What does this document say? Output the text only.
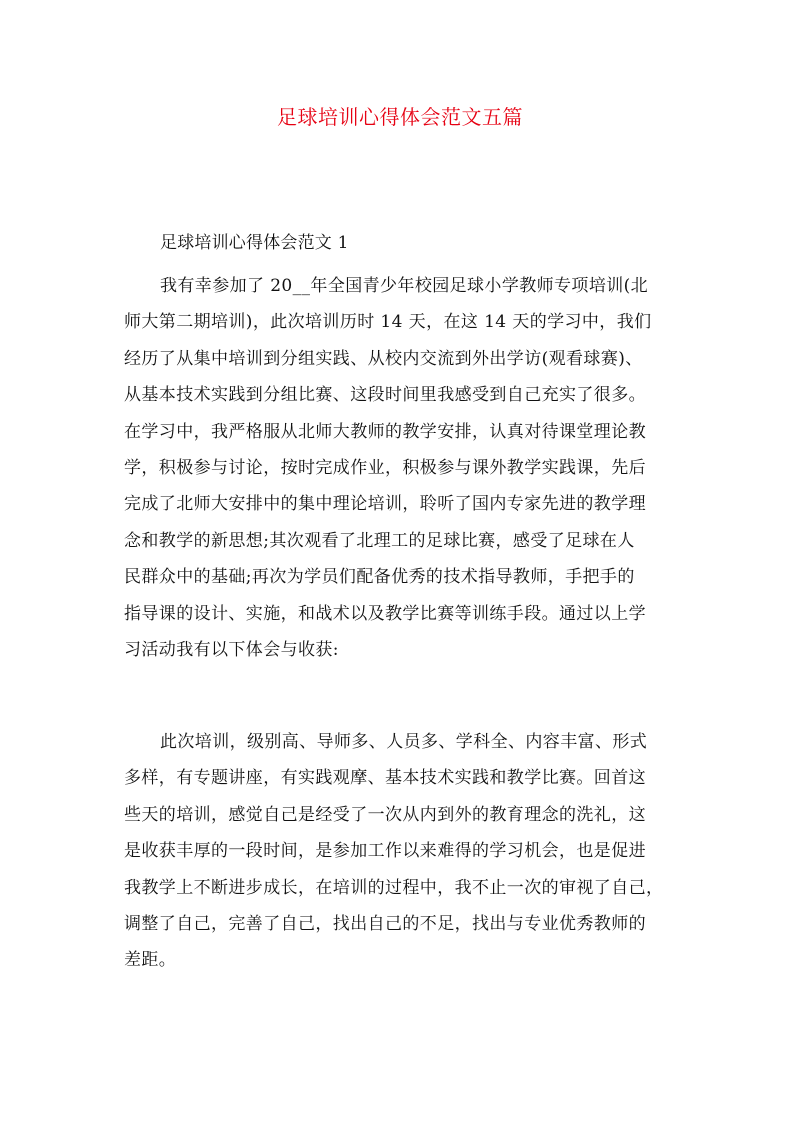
足球培训心得体会范文五篇
足球培训心得体会范文 1
我有幸参加了 20__年全国青少年校园足球小学教师专项培训(北
师大第二期培训)，此次培训历时 14 天，在这 14 天的学习中，我们
经历了从集中培训到分组实践、从校内交流到外出学访(观看球赛)、
从基本技术实践到分组比赛、这段时间里我感受到自己充实了很多。
在学习中，我严格服从北师大教师的教学安排，认真对待课堂理论教
学，积极参与讨论，按时完成作业，积极参与课外教学实践课，先后
完成了北师大安排中的集中理论培训，聆听了国内专家先进的教学理
念和教学的新思想;其次观看了北理工的足球比赛，感受了足球在人
民群众中的基础;再次为学员们配备优秀的技术指导教师，手把手的
指导课的设计、实施，和战术以及教学比赛等训练手段。通过以上学
习活动我有以下体会与收获:
此次培训，级别高、导师多、人员多、学科全、内容丰富、形式
多样，有专题讲座，有实践观摩、基本技术实践和教学比赛。回首这
些天的培训，感觉自己是经受了一次从内到外的教育理念的洗礼，这
是收获丰厚的一段时间，是参加工作以来难得的学习机会，也是促进
我教学上不断进步成长，在培训的过程中，我不止一次的审视了自己，
调整了自己，完善了自己，找出自己的不足，找出与专业优秀教师的
差距。
